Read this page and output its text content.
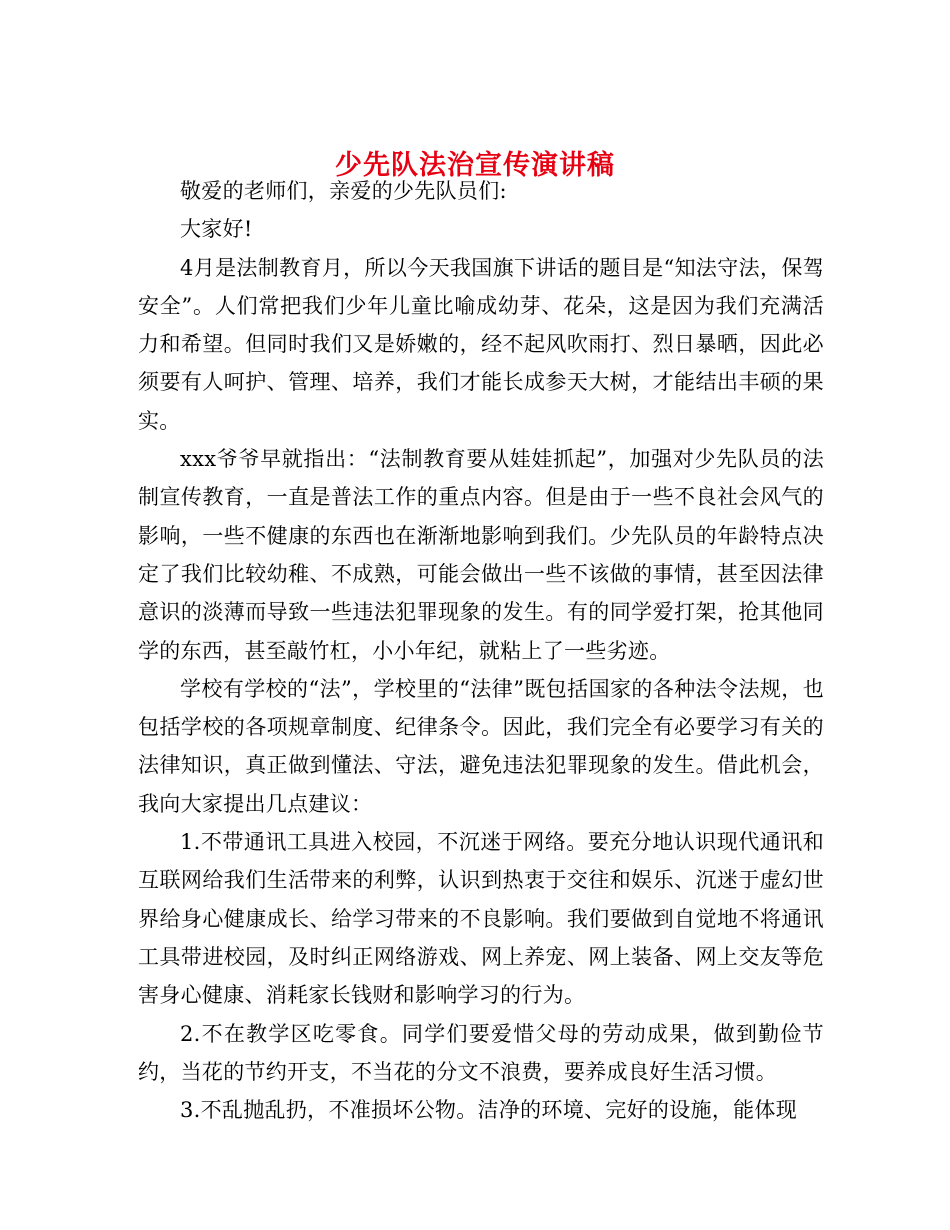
少先队法治宣传演讲稿

敬爱的老师们，亲爱的少先队员们:

大家好!

4月是法制教育月，所以今天我国旗下讲话的题目是“知法守法，保驾安全”。人们常把我们少年儿童比喻成幼芽、花朵，这是因为我们充满活力和希望。但同时我们又是娇嫩的，经不起风吹雨打、烈日暴晒，因此必须要有人呵护、管理、培养，我们才能长成参天大树，才能结出丰硕的果实。

xxx爷爷早就指出：“法制教育要从娃娃抓起”，加强对少先队员的法制宣传教育，一直是普法工作的重点内容。但是由于一些不良社会风气的影响，一些不健康的东西也在渐渐地影响到我们。少先队员的年龄特点决定了我们比较幼稚、不成熟，可能会做出一些不该做的事情，甚至因法律意识的淡薄而导致一些违法犯罪现象的发生。有的同学爱打架，抢其他同学的东西，甚至敲竹杠，小小年纪，就粘上了一些劣迹。

学校有学校的“法”，学校里的“法律”既包括国家的各种法令法规，也包括学校的各项规章制度、纪律条令。因此，我们完全有必要学习有关的法律知识，真正做到懂法、守法，避免违法犯罪现象的发生。借此机会，我向大家提出几点建议：

1.不带通讯工具进入校园，不沉迷于网络。要充分地认识现代通讯和互联网给我们生活带来的利弊，认识到热衷于交往和娱乐、沉迷于虚幻世界给身心健康成长、给学习带来的不良影响。我们要做到自觉地不将通讯工具带进校园，及时纠正网络游戏、网上养宠、网上装备、网上交友等危害身心健康、消耗家长钱财和影响学习的行为。

2.不在教学区吃零食。同学们要爱惜父母的劳动成果，做到勤俭节约，当花的节约开支，不当花的分文不浪费，要养成良好生活习惯。

3.不乱抛乱扔，不准损坏公物。洁净的环境、完好的设施，能体现
